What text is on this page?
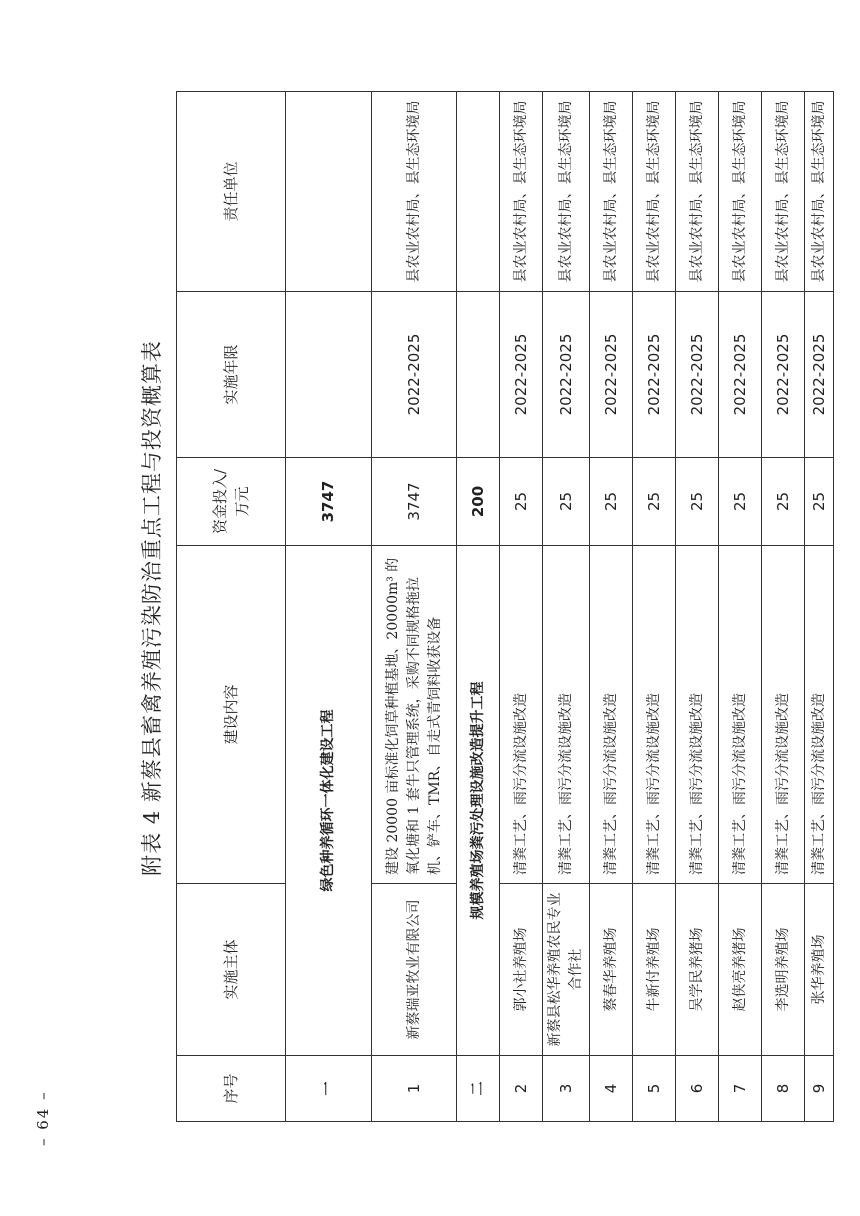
附表 4 新蔡县畜禽养殖污染防治重点工程与投资概算表
序号	实施主体	建设内容	资金投入/万元	实施年限	责任单位
一	绿色种养循环一体化建设工程		3747		
1	新蔡瑞亚牧业有限公司	建设 20000 亩标准化饲草种植基地、20000m³ 的氧化塘和 1 套牛只管理系统，采购不同规格拖拉机、铲车、TMR、自走式青饲料收获设备	3747	2022-2025	县农业农村局、县生态环境局
二	规模养殖场粪污处理设施改造提升工程		200		
2	郭小社养殖场	清粪工艺、雨污分流设施改造	25	2022-2025	县农业农村局、县生态环境局
3	新蔡县松华养殖农民专业合作社	清粪工艺、雨污分流设施改造	25	2022-2025	县农业农村局、县生态环境局
4	蔡春华养殖场	清粪工艺、雨污分流设施改造	25	2022-2025	县农业农村局、县生态环境局
5	牛新付养殖场	清粪工艺、雨污分流设施改造	25	2022-2025	县农业农村局、县生态环境局
6	吴学民养猪场	清粪工艺、雨污分流设施改造	25	2022-2025	县农业农村局、县生态环境局
7	赵侠亮养猪场	清粪工艺、雨污分流设施改造	25	2022-2025	县农业农村局、县生态环境局
8	李选明养殖场	清粪工艺、雨污分流设施改造	25	2022-2025	县农业农村局、县生态环境局
9	张华养殖场	清粪工艺、雨污分流设施改造	25	2022-2025	县农业农村局、县生态环境局
– 64 –
